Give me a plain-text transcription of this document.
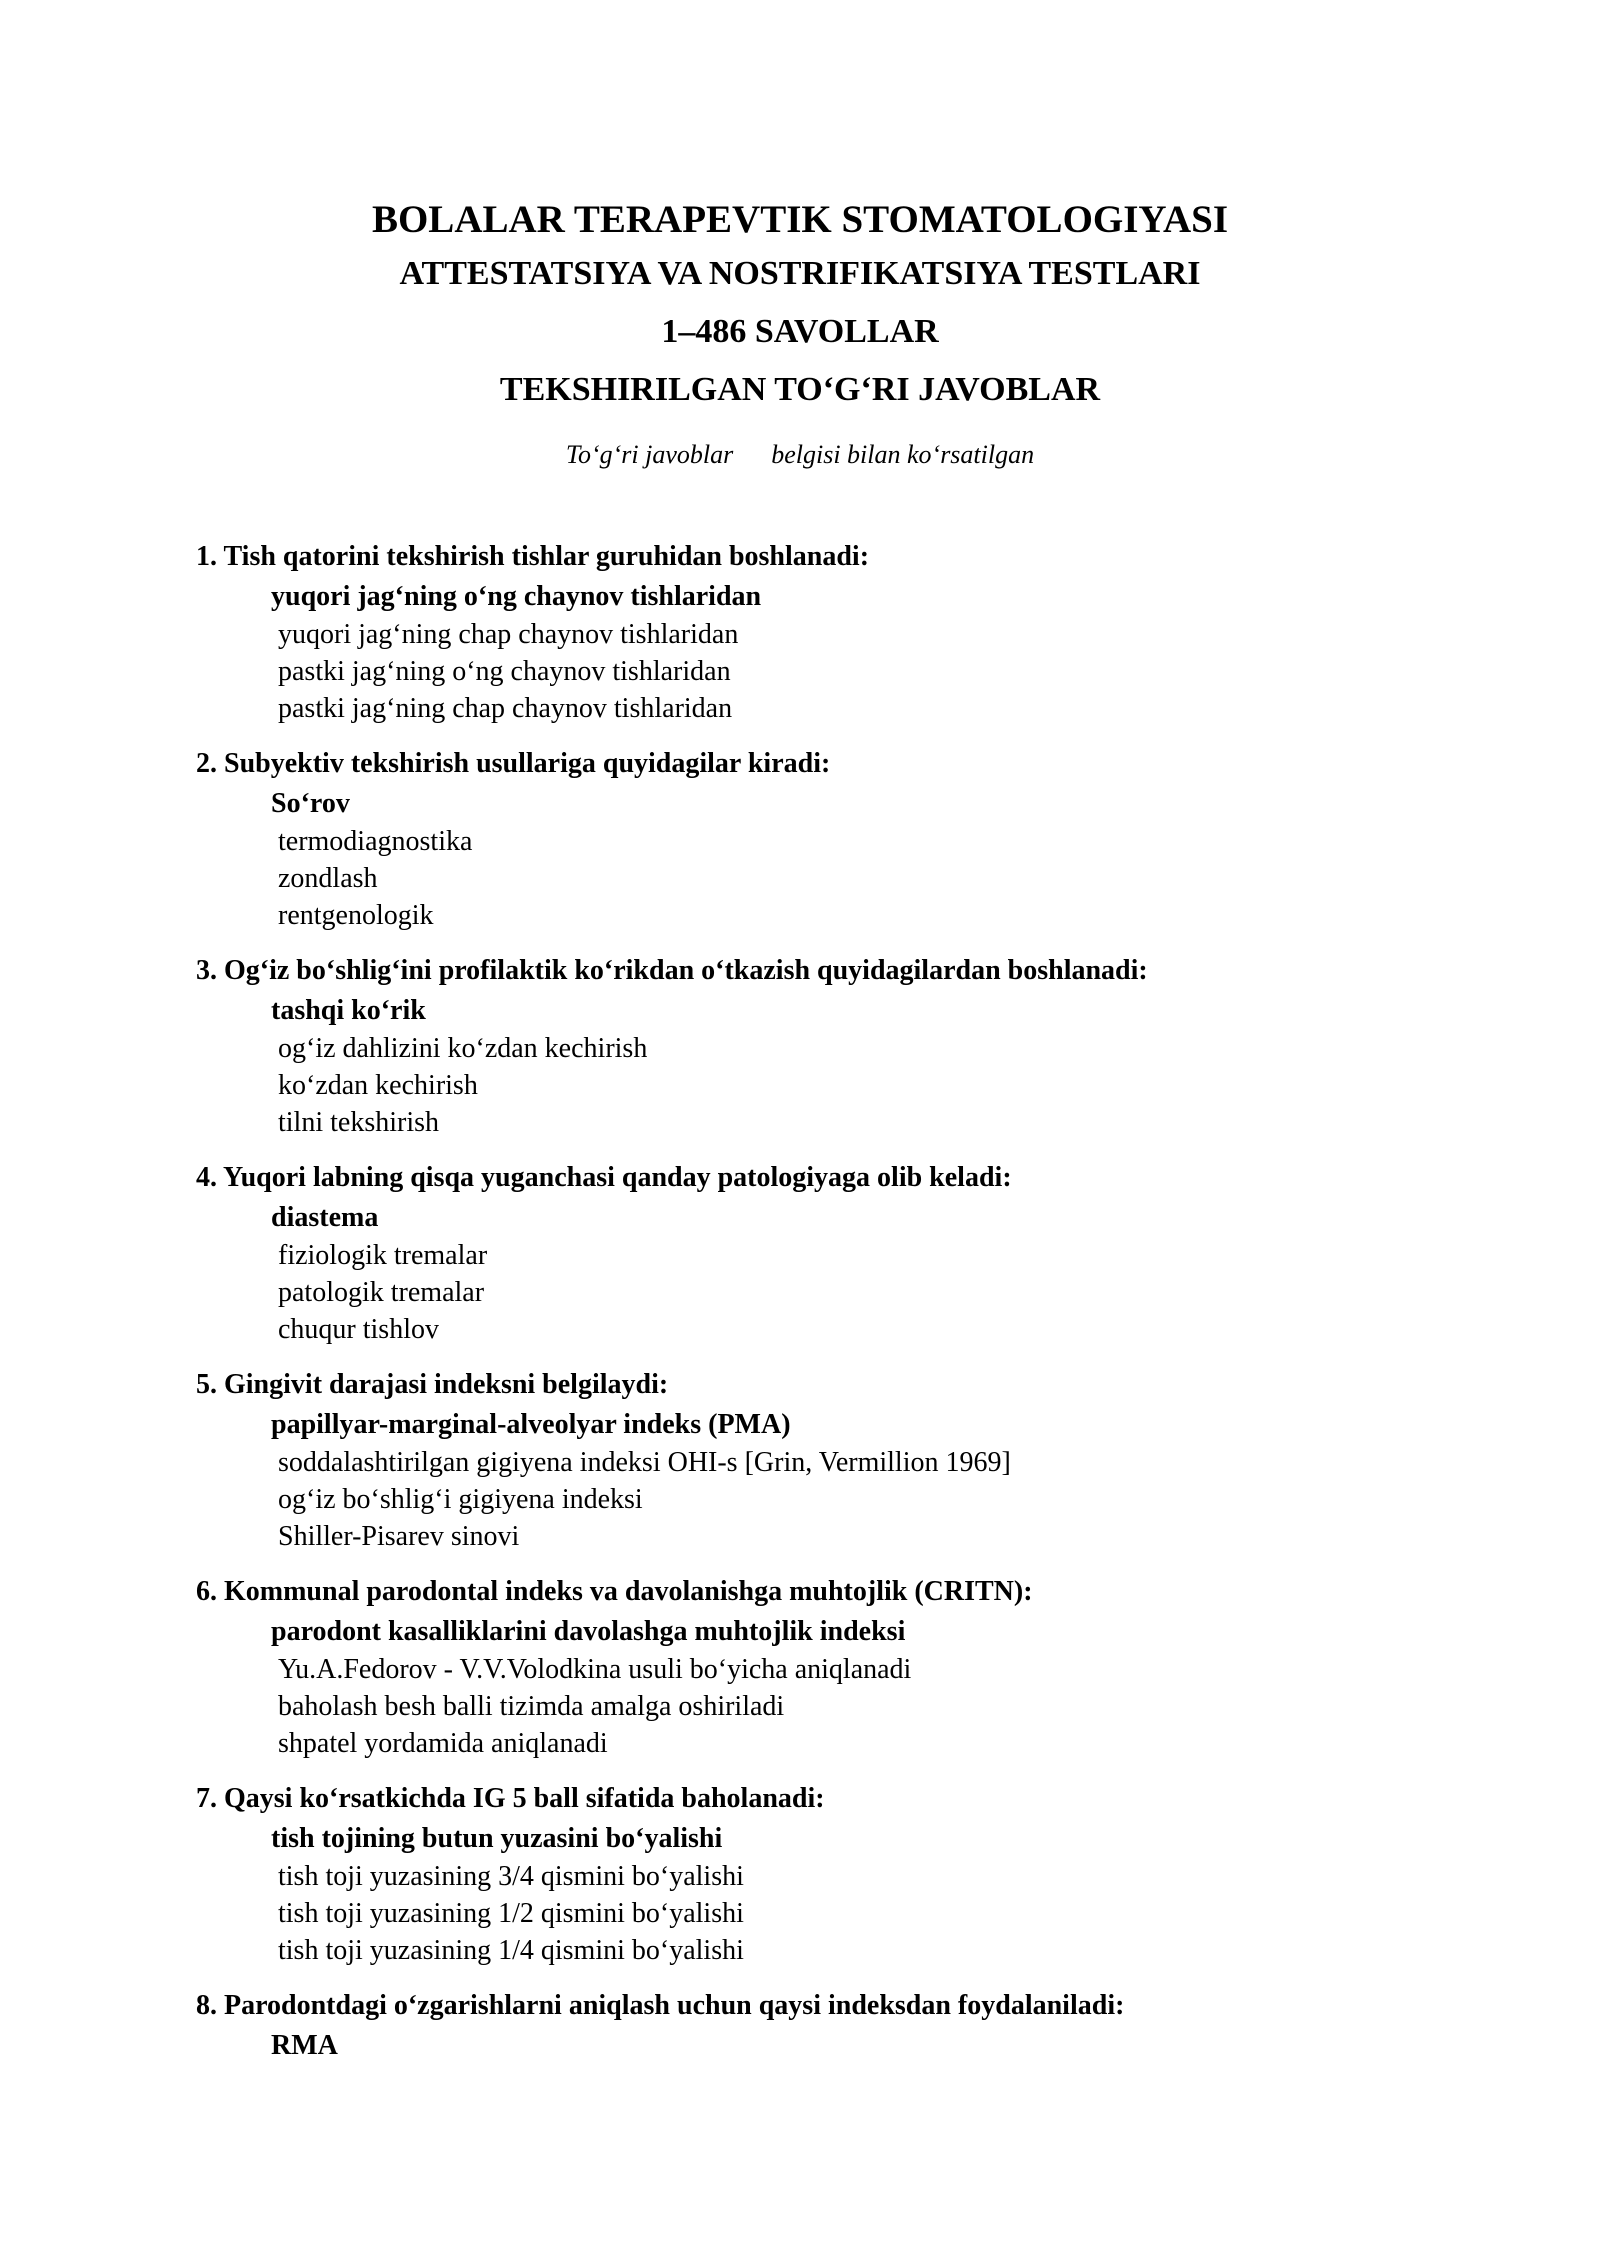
BOLALAR TERAPEVTIK STOMATOLOGIYASI
ATTESTATSIYA VA NOSTRIFIKATSIYA TESTLARI
1–486 SAVOLLAR
TEKSHIRILGAN TO‘G‘RI JAVOBLAR
To‘g‘ri javoblar belgisi bilan ko‘rsatilgan
1. Tish qatorini tekshirish tishlar guruhidan boshlanadi:
yuqori jag‘ning o‘ng chaynov tishlaridan
yuqori jag‘ning chap chaynov tishlaridan
pastki jag‘ning o‘ng chaynov tishlaridan
pastki jag‘ning chap chaynov tishlaridan
2. Subyektiv tekshirish usullariga quyidagilar kiradi:
So‘rov
termodiagnostika
zondlash
rentgenologik
3. Og‘iz bo‘shlig‘ini profilaktik ko‘rikdan o‘tkazish quyidagilardan boshlanadi:
tashqi ko‘rik
og‘iz dahlizini ko‘zdan kechirish
ko‘zdan kechirish
tilni tekshirish
4. Yuqori labning qisqa yuganchasi qanday patologiyaga olib keladi:
diastema
fiziologik tremalar
patologik tremalar
chuqur tishlov
5. Gingivit darajasi indeksni belgilaydi:
papillyar-marginal-alveolyar indeks (PMA)
soddalashtirilgan gigiyena indeksi OHI-s [Grin, Vermillion 1969]
og‘iz bo‘shlig‘i gigiyena indeksi
Shiller-Pisarev sinovi
6. Kommunal parodontal indeks va davolanishga muhtojlik (CRITN):
parodont kasalliklarini davolashga muhtojlik indeksi
Yu.A.Fedorov - V.V.Volodkina usuli bo‘yicha aniqlanadi
baholash besh balli tizimda amalga oshiriladi
shpatel yordamida aniqlanadi
7. Qaysi ko‘rsatkichda IG 5 ball sifatida baholanadi:
tish tojining butun yuzasini bo‘yalishi
tish toji yuzasining 3/4 qismini bo‘yalishi
tish toji yuzasining 1/2 qismini bo‘yalishi
tish toji yuzasining 1/4 qismini bo‘yalishi
8. Parodontdagi o‘zgarishlarni aniqlash uchun qaysi indeksdan foydalaniladi:
RMA
